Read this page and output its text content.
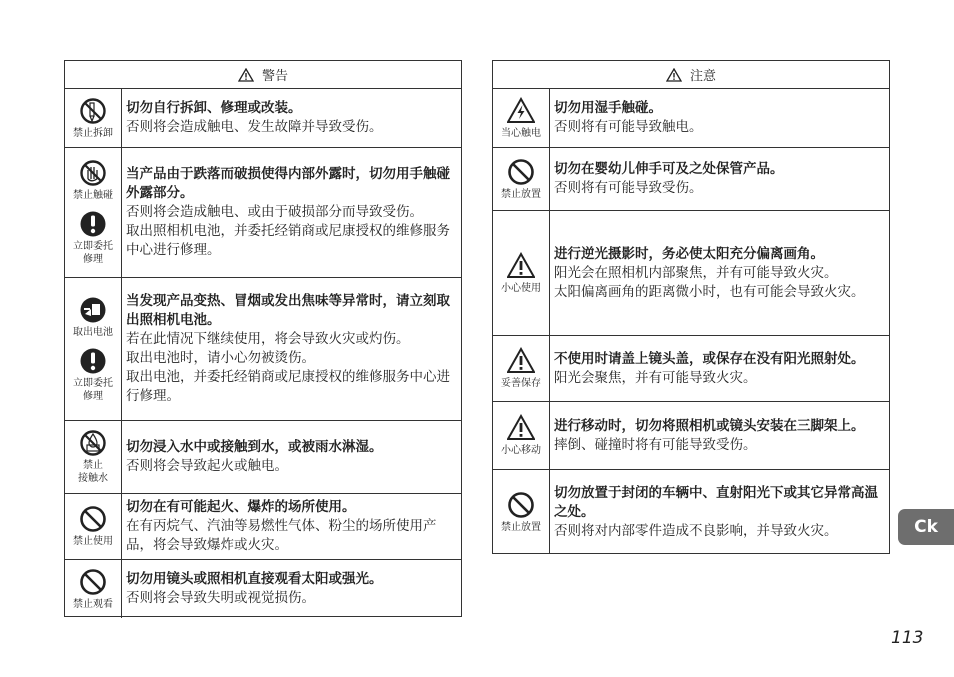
警告
禁止拆卸
切勿自行拆卸、修理或改装。
否则将会造成触电、发生故障并导致受伤。
禁止触碰
立即委托
修理
当产品由于跌落而破损使得内部外露时，切勿用手触碰外露部分。
否则将会造成触电、或由于破损部分而导致受伤。
取出照相机电池，并委托经销商或尼康授权的维修服务中心进行修理。
取出电池
立即委托
修理
当发现产品变热、冒烟或发出焦味等异常时，请立刻取出照相机电池。
若在此情况下继续使用，将会导致火灾或灼伤。
取出电池时，请小心勿被烫伤。
取出电池，并委托经销商或尼康授权的维修服务中心进行修理。
禁止
接触水
切勿浸入水中或接触到水，或被雨水淋湿。
否则将会导致起火或触电。
禁止使用
切勿在有可能起火、爆炸的场所使用。
在有丙烷气、汽油等易燃性气体、粉尘的场所使用产品，将会导致爆炸或火灾。
禁止观看
切勿用镜头或照相机直接观看太阳或强光。
否则将会导致失明或视觉损伤。
注意
当心触电
切勿用湿手触碰。
否则将有可能导致触电。
禁止放置
切勿在婴幼儿伸手可及之处保管产品。
否则将有可能导致受伤。
小心使用
进行逆光摄影时，务必使太阳充分偏离画角。
阳光会在照相机内部聚焦，并有可能导致火灾。
太阳偏离画角的距离微小时，也有可能会导致火灾。
妥善保存
不使用时请盖上镜头盖，或保存在没有阳光照射处。
阳光会聚焦，并有可能导致火灾。
小心移动
进行移动时，切勿将照相机或镜头安装在三脚架上。
摔倒、碰撞时将有可能导致受伤。
禁止放置
切勿放置于封闭的车辆中、直射阳光下或其它异常高温之处。
否则将对内部零件造成不良影响，并导致火灾。	Ck
113
